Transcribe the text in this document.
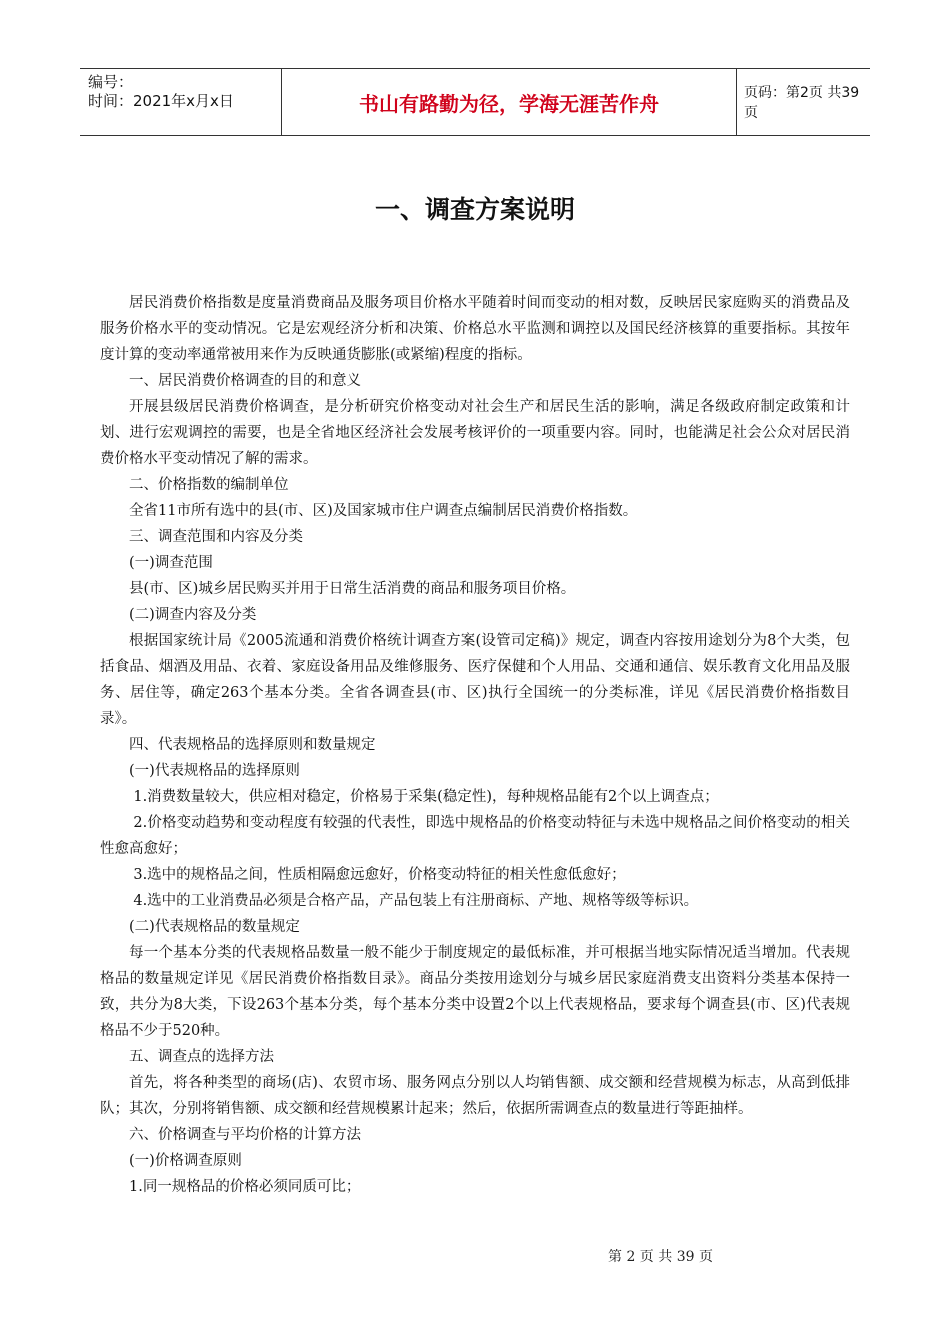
编号：
时间：2021年x月x日	书山有路勤为径，学海无涯苦作舟	页码：第2页 共39页
一、调查方案说明

居民消费价格指数是度量消费商品及服务项目价格水平随着时间而变动的相对数，反映居民家庭购买的消费品及服务价格水平的变动情况。它是宏观经济分析和决策、价格总水平监测和调控以及国民经济核算的重要指标。其按年度计算的变动率通常被用来作为反映通货膨胀(或紧缩)程度的指标。

一、居民消费价格调查的目的和意义

开展县级居民消费价格调查，是分析研究价格变动对社会生产和居民生活的影响，满足各级政府制定政策和计划、进行宏观调控的需要，也是全省地区经济社会发展考核评价的一项重要内容。同时，也能满足社会公众对居民消费价格水平变动情况了解的需求。

二、价格指数的编制单位

全省11市所有选中的县(市、区)及国家城市住户调查点编制居民消费价格指数。

三、调查范围和内容及分类

(一)调查范围

县(市、区)城乡居民购买并用于日常生活消费的商品和服务项目价格。

(二)调查内容及分类

根据国家统计局《2005流通和消费价格统计调查方案(设管司定稿)》规定，调查内容按用途划分为8个大类，包括食品、烟酒及用品、衣着、家庭设备用品及维修服务、医疗保健和个人用品、交通和通信、娱乐教育文化用品及服务、居住等，确定263个基本分类。全省各调查县(市、区)执行全国统一的分类标准，详见《居民消费价格指数目录》。

四、代表规格品的选择原则和数量规定

(一)代表规格品的选择原则

1.消费数量较大，供应相对稳定，价格易于采集(稳定性)，每种规格品能有2个以上调查点；

2.价格变动趋势和变动程度有较强的代表性，即选中规格品的价格变动特征与未选中规格品之间价格变动的相关性愈高愈好；

3.选中的规格品之间，性质相隔愈远愈好，价格变动特征的相关性愈低愈好；

4.选中的工业消费品必须是合格产品，产品包装上有注册商标、产地、规格等级等标识。

(二)代表规格品的数量规定

每一个基本分类的代表规格品数量一般不能少于制度规定的最低标准，并可根据当地实际情况适当增加。代表规格品的数量规定详见《居民消费价格指数目录》。商品分类按用途划分与城乡居民家庭消费支出资料分类基本保持一致，共分为8大类，下设263个基本分类，每个基本分类中设置2个以上代表规格品，要求每个调查县(市、区)代表规格品不少于520种。

五、调查点的选择方法

首先，将各种类型的商场(店)、农贸市场、服务网点分别以人均销售额、成交额和经营规模为标志，从高到低排队；其次，分别将销售额、成交额和经营规模累计起来；然后，依据所需调查点的数量进行等距抽样。

六、价格调查与平均价格的计算方法

(一)价格调查原则

1.同一规格品的价格必须同质可比；

第 2 页 共 39 页
